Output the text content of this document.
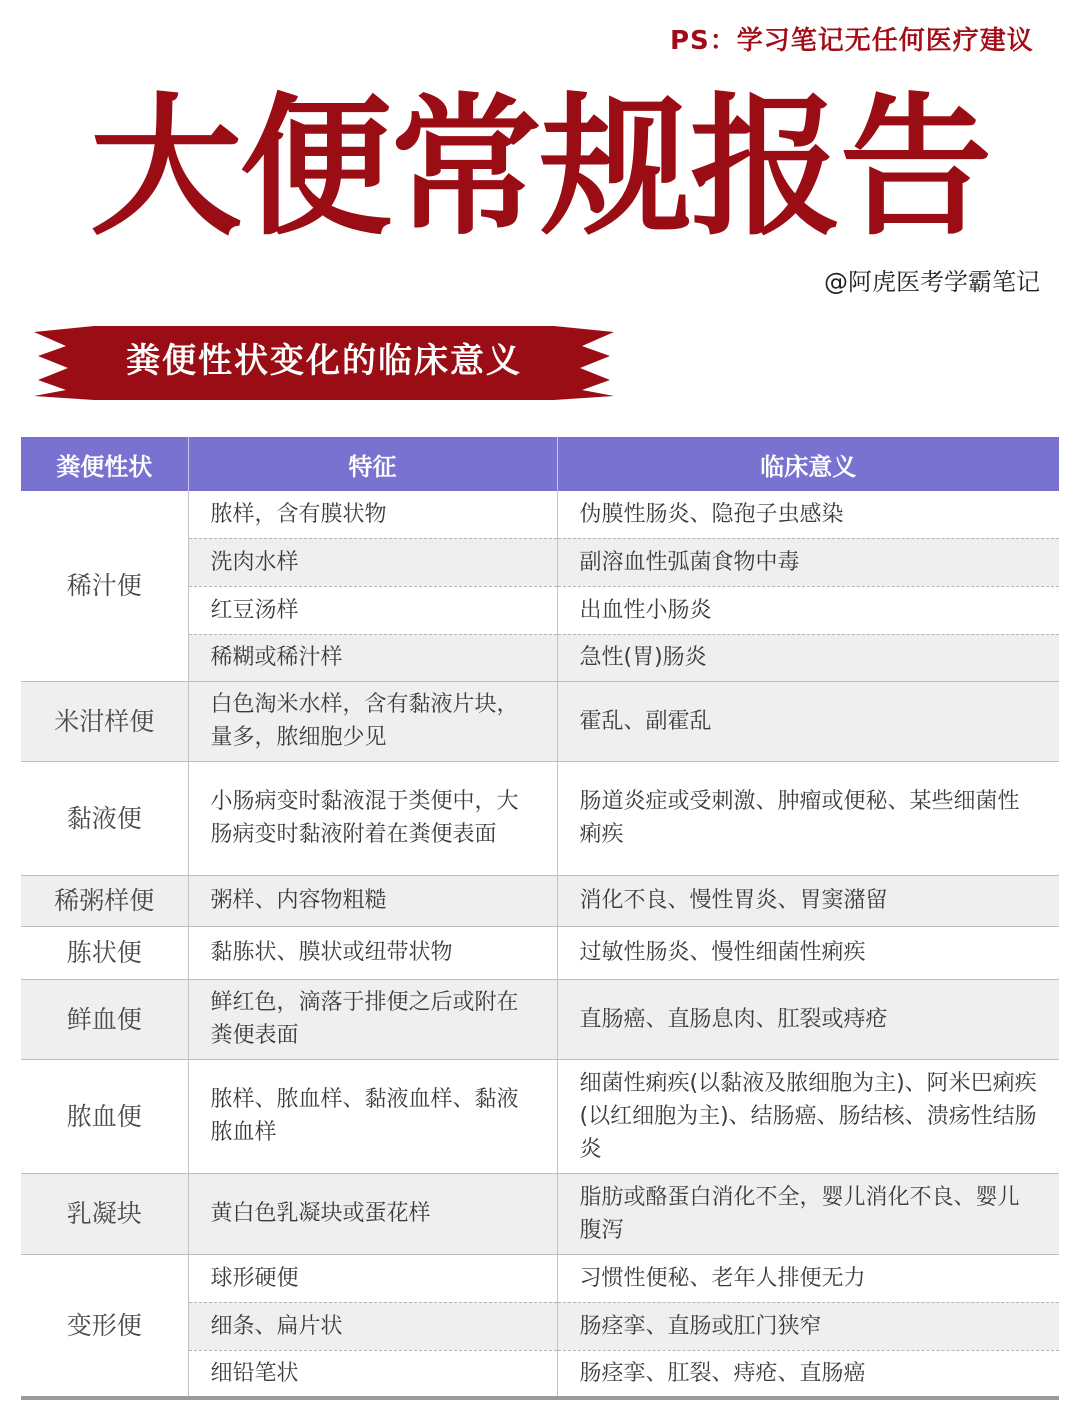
PS：学习笔记无任何医疗建议
大便常规报告
@阿虎医考学霸笔记
粪便性状变化的临床意义
粪便性状	特征	临床意义
稀汁便	脓样，含有膜状物	伪膜性肠炎、隐孢子虫感染
	洗肉水样	副溶血性弧菌食物中毒
	红豆汤样	出血性小肠炎
	稀糊或稀汁样	急性(胃)肠炎
米泔样便	白色淘米水样，含有黏液片块，量多，脓细胞少见	霍乱、副霍乱
黏液便	小肠病变时黏液混于类便中，大肠病变时黏液附着在粪便表面	肠道炎症或受刺激、肿瘤或便秘、某些细菌性痢疾
稀粥样便	粥样、内容物粗糙	消化不良、慢性胃炎、胃窦潴留
胨状便	黏胨状、膜状或纽带状物	过敏性肠炎、慢性细菌性痢疾
鲜血便	鲜红色，滴落于排便之后或附在粪便表面	直肠癌、直肠息肉、肛裂或痔疮
脓血便	脓样、脓血样、黏液血样、黏液脓血样	细菌性痢疾(以黏液及脓细胞为主)、阿米巴痢疾(以红细胞为主)、结肠癌、肠结核、溃疡性结肠炎
乳凝块	黄白色乳凝块或蛋花样	脂肪或酪蛋白消化不全，婴儿消化不良、婴儿腹泻
变形便	球形硬便	习惯性便秘、老年人排便无力
	细条、扁片状	肠痉挛、直肠或肛门狭窄
	细铅笔状	肠痉挛、肛裂、痔疮、直肠癌
